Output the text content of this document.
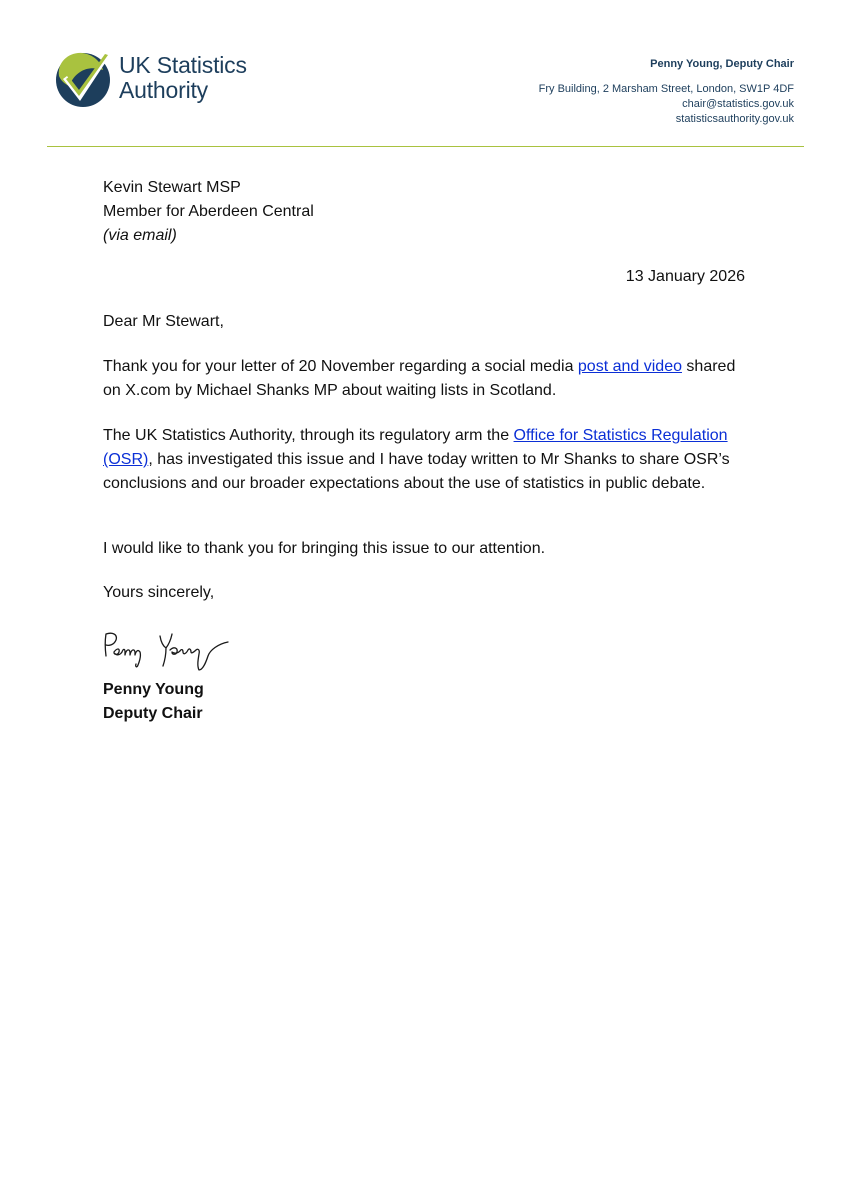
UK Statistics
Authority
Penny Young, Deputy Chair
Fry Building, 2 Marsham Street, London, SW1P 4DF
chair@statistics.gov.uk
statisticsauthority.gov.uk

Kevin Stewart MSP

Member for Aberdeen Central

(via email)

13 January 2026
Dear Mr Stewart,

Thank you for your letter of 20 November regarding a social media post and video shared on X.com by Michael Shanks MP about waiting lists in Scotland.

The UK Statistics Authority, through its regulatory arm the Office for Statistics Regulation (OSR), has investigated this issue and I have today written to Mr Shanks to share OSR’s conclusions and our broader expectations about the use of statistics in public debate.

I would like to thank you for bringing this issue to our attention.

Yours sincerely,
Penny Young
Deputy Chair
